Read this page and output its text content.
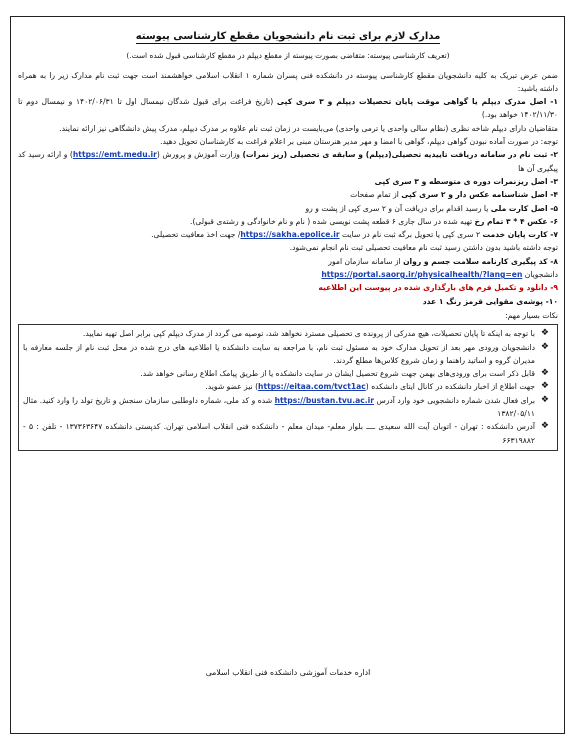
مدارک لازم برای ثبت نام دانشجویان مقطع کارشناسی پیوسته
(تعریف کارشناسی پیوسته: متقاضی بصورت پیوسته از مقطع دیپلم در مقطع کارشناسی قبول شده است.)

ضمن عرض تبریک به کلیه دانشجویان مقطع کارشناسی پیوسته در دانشکده فنی پسران شماره ۱ انقلاب اسلامی خواهشمند است جهت ثبت نام مدارک زیر را به همراه داشته باشید:

۱- اصل مدرک دیپلم یا گواهی موقت پایان تحصیلات دیپلم و ۳ سری کپی (تاریخ فراغت برای قبول شدگان نیمسال اول تا ۱۴۰۲/۰۶/۳۱ و نیمسال دوم تا ۱۴۰۲/۱۱/۳۰ خواهد بود.)

متقاضیان دارای دیپلم شاخه نظری (نظام سالی واحدی یا ترمی واحدی) می‌بایست در زمان ثبت نام علاوه بر مدرک دیپلم، مدرک پیش دانشگاهی نیز ارائه نمایند.

توجه: در صورت آماده نبودن گواهی دیپلم، گواهی با امضا و مهر مدیر هنرستان مبنی بر اعلام فراغت به کارشناسان تحویل دهید.

۲- ثبت نام در سامانه دریافت تاییدیه تحصیلی(دیپلم) و سابقه ی تحصیلی (ریز نمرات) وزارت آموزش و پرورش (https://emt.medu.ir) و ارائه رسید کد پیگیری آن ها

۳- اصل ریزنمرات دوره ی متوسطه و ۳ سری کپی

۴- اصل شناسنامه عکس دار و ۲ سری کپی از تمام صفحات

۵- اصل کارت ملی یا رسید اقدام برای دریافت آن و ۲ سری کپی از پشت و رو

۶- عکس ۴ * ۳ تمام رخ تهیه شده در سال جاری ۶ قطعه پشت نویسی شده ( نام و نام خانوادگی و رشته‌ی قبولی).

۷- کارت پایان خدمت ۲ سری کپی یا تحویل برگه ثبت نام در سایت https://sakha.epolice.ir/ جهت اخذ معافیت تحصیلی.

توجه داشته باشید بدون داشتن رسید ثبت نام معافیت تحصیلی ثبت نام انجام نمی‌شود.

۸- کد پیگیری کارنامه سلامت جسم و روان از سامانه سازمان امور

دانشجویان https://portal.saorg.ir/physicalhealth/?lang=en

۹- دانلود و تکمیل فرم های بارگذاری شده در پیوست این اطلاعیه

۱۰- پوشه‌ی مقوایی قرمز رنگ ۱ عدد

نکات بسیار مهم:

❖
با توجه به اینکه تا پایان تحصیلات، هیچ مدرکی از پرونده ی تحصیلی مسترد نخواهد شد، توصیه می گردد از مدرک دیپلم کپی برابر اصل تهیه نمایید.

❖
دانشجویان ورودی مهر بعد از تحویل مدارک خود به مسئول ثبت نام، با مراجعه به سایت دانشکده یا اطلاعیه های درج شده در محل ثبت نام از جلسه معارفه با مدیران گروه و اساتید راهنما و زمان شروع کلاس‌ها مطلع گردند.

❖
قابل ذکر است برای ورودی‌های بهمن جهت شروع تحصیل ایشان در سایت دانشکده یا از طریق پیامک اطلاع رسانی خواهد شد.

❖
جهت اطلاع از اخبار دانشکده در کانال ایتای دانشکده (https://eitaa.com/tvct1ac) نیز عضو شوید.

❖
برای فعال شدن شماره دانشجویی خود وارد آدرس https://bustan.tvu.ac.ir شده و کد ملی، شماره داوطلبی سازمان سنجش و تاریخ تولد را وارد کنید. مثال ۱۳۸۲/۰۵/۱۱

❖
آدرس دانشکده : تهران - اتوبان آیت الله سعیدی ــــ بلوار معلم- میدان معلم - دانشکده فنی انقلاب اسلامی تهران. کدپستی دانشکده ۱۳۷۳۶۳۶۴۷ - تلفن : ۵ - ۶۶۳۱۹۸۸۲

اداره خدمات آموزشی دانشکده فنی انقلاب اسلامی
